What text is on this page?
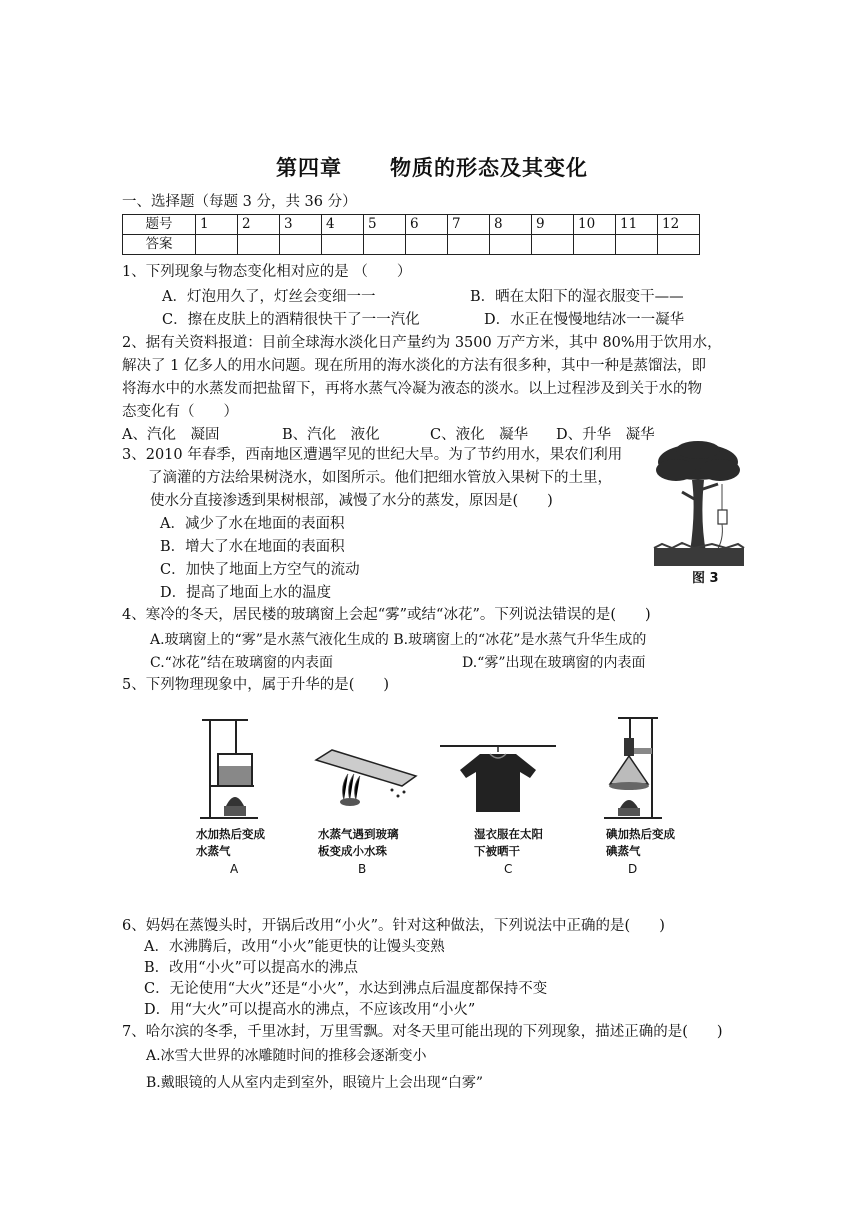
第四章 物质的形态及其变化
一、选择题（每题 3 分，共 36 分）
题号	1	2	3	4	5	6	7	8	9	10	11	12
答案												
1、下列现象与物态变化相对应的是 （　　）
A．灯泡用久了，灯丝会变细一一	B．晒在太阳下的湿衣服变干——
C．擦在皮肤上的酒精很快干了一一汽化	D．水正在慢慢地结冰一一凝华
2、据有关资料报道：目前全球海水淡化日产量约为 3500 万产方米，其中 80%用于饮用水，
解决了 1 亿多人的用水问题。现在所用的海水淡化的方法有很多种，其中一种是蒸馏法，即
将海水中的水蒸发而把盐留下，再将水蒸气冷凝为液态的淡水。以上过程涉及到关于水的物
态变化有（　　）
A、汽化　凝固	B、汽化　液化	C、液化　凝华 D、升华　凝华
3、2010 年春季，西南地区遭遇罕见的世纪大旱。为了节约用水，果农们利用
了滴灌的方法给果树浇水，如图所示。他们把细水管放入果树下的土里，
使水分直接渗透到果树根部，减慢了水分的蒸发，原因是(　　)
A．减少了水在地面的表面积
B．增大了水在地面的表面积
C．加快了地面上方空气的流动
D．提高了地面上水的温度
图 3
4、寒冷的冬天，居民楼的玻璃窗上会起“雾”或结“冰花”。下列说法错误的是(　　)
A.玻璃窗上的“雾”是水蒸气液化生成的 B.玻璃窗上的“冰花”是水蒸气升华生成的
C.“冰花”结在玻璃窗的内表面	D.“雾”出现在玻璃窗的内表面
5、下列物理现象中，属于升华的是(　　)
水加热后变成
水蒸气
水蒸气遇到玻璃
板变成小水珠
湿衣服在太阳
下被晒干
碘加热后变成
碘蒸气
A	B	C	D
6、妈妈在蒸馒头时，开锅后改用“小火”。针对这种做法，下列说法中正确的是(　　)
A．水沸腾后，改用“小火”能更快的让馒头变熟
B．改用“小火”可以提高水的沸点
C．无论使用“大火”还是“小火”，水达到沸点后温度都保持不变
D．用“大火”可以提高水的沸点，不应该改用“小火”
7、哈尔滨的冬季，千里冰封，万里雪飘。对冬天里可能出现的下列现象，描述正确的是(　　)
A.冰雪大世界的冰雕随时间的推移会逐渐变小
B.戴眼镜的人从室内走到室外，眼镜片上会出现“白雾”
